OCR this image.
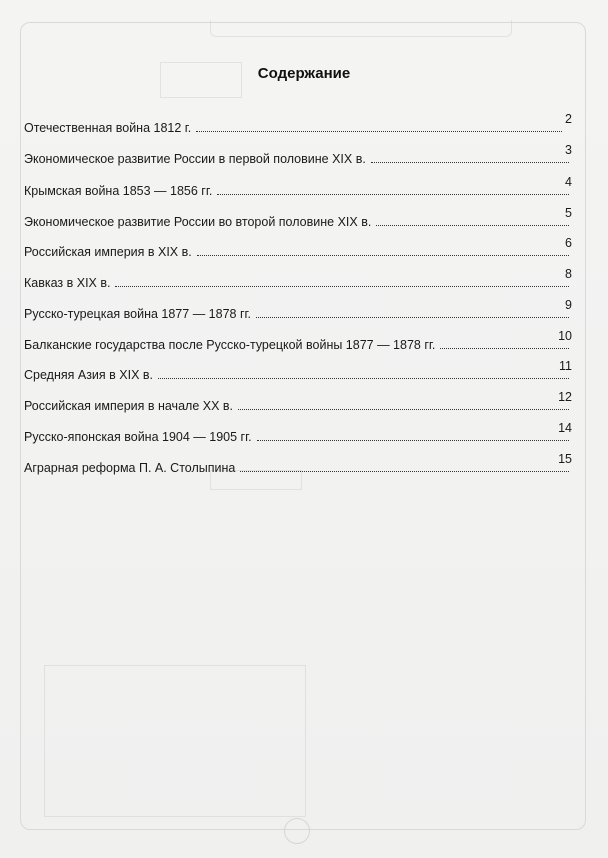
Содержание
Отечественная война 1812 г.
2
Экономическое развитие России в первой половине XIX в.
3
Крымская война 1853 — 1856 гг.
4
Экономическое развитие России во второй половине XIX в.
5
Российская империя в XIX в.
6
Кавказ в XIX в.
8
Русско-турецкая война 1877 — 1878 гг.
9
Балканские государства после Русско-турецкой войны 1877 — 1878 гг.
10
Средняя Азия в XIX в.
11
Российская империя в начале XX в.
12
Русско-японская война 1904 — 1905 гг.
14
Аграрная реформа П. А. Столыпина
15
